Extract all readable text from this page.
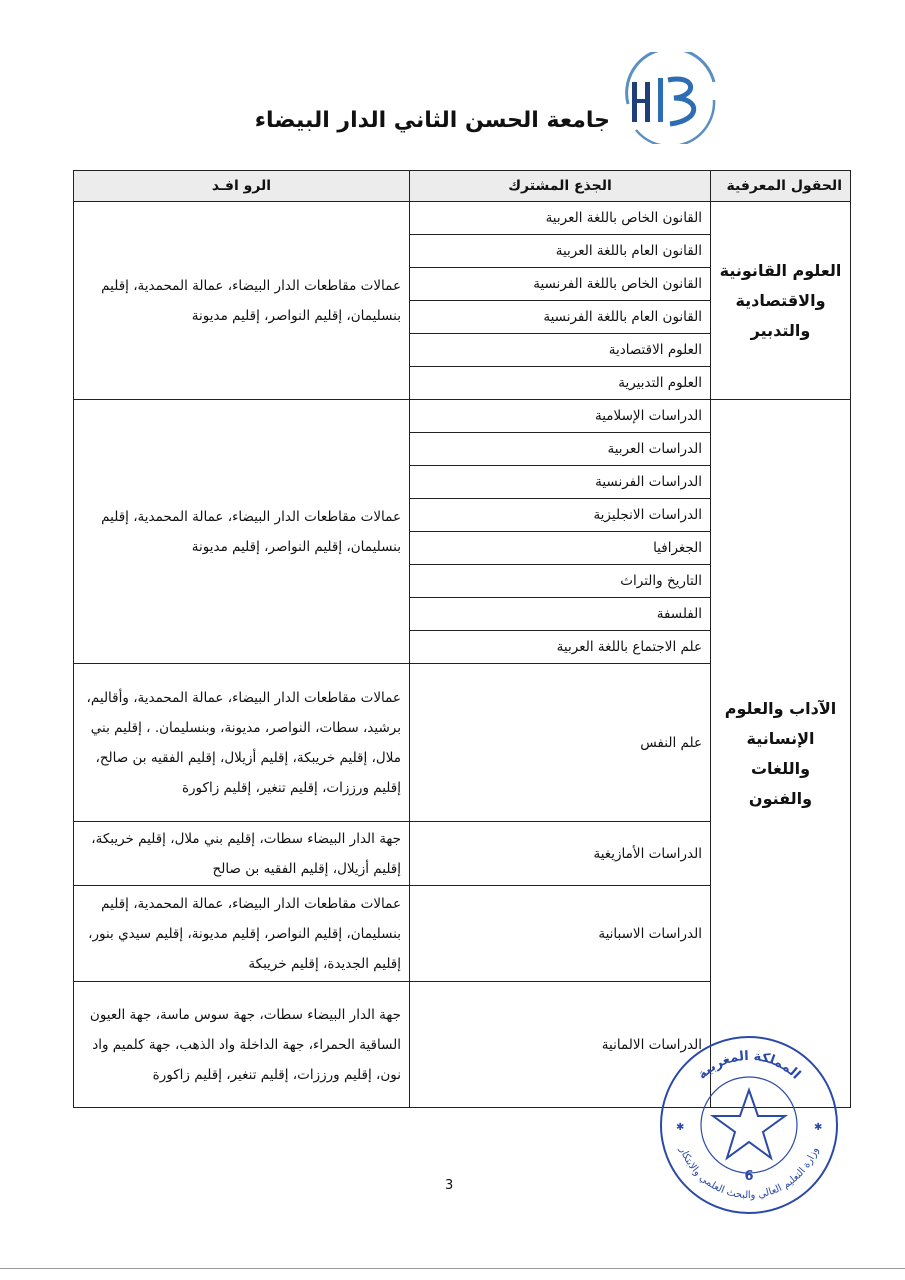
جامعة الحسن الثاني الدار البيضاء
الحقول المعرفية	الجذع المشترك	الرو افـد
العلوم القانونية والاقتصادية والتدبير	القانون الخاص باللغة العربية	عمالات مقاطعات الدار البيضاء، عمالة المحمدية، إقليم بنسليمان، إقليم النواصر، إقليم مديونة
	القانون العام باللغة العربية	
	القانون الخاص باللغة الفرنسية	
	القانون العام باللغة الفرنسية	
	العلوم الاقتصادية	
	العلوم التدبيرية	
الآداب والعلوم الإنسانية واللغات والفنون	الدراسات الإسلامية	عمالات مقاطعات الدار البيضاء، عمالة المحمدية، إقليم بنسليمان، إقليم النواصر، إقليم مديونة
	الدراسات العربية	
	الدراسات الفرنسية	
	الدراسات الانجليزية	
	الجغرافيا	
	التاريخ والتراث	
	الفلسفة	
	علم الاجتماع باللغة العربية	
	علم النفس	عمالات مقاطعات الدار البيضاء، عمالة المحمدية، وأقاليم، برشيد، سطات، النواصر، مديونة، وبنسليمان. ، إقليم بني ملال، إقليم خريبكة، إقليم أزيلال، إقليم الفقيه بن صالح، إقليم ورززات، إقليم تنغير، إقليم زاكورة
	الدراسات الأمازيغية	جهة الدار البيضاء سطات، إقليم بني ملال، إقليم خريبكة، إقليم أزيلال، إقليم الفقيه بن صالح
	الدراسات الاسبانية	عمالات مقاطعات الدار البيضاء، عمالة المحمدية، إقليم بنسليمان، إقليم النواصر، إقليم مديونة، إقليم سيدي بنور، إقليم الجديدة، إقليم خريبكة
	الدراسات الالمانية	جهة الدار البيضاء سطات، جهة سوس ماسة، جهة العيون الساقية الحمراء، جهة الداخلة واد الذهب، جهة كلميم واد نون، إقليم ورززات، إقليم تنغير، إقليم زاكورة	المملكة المغربية
وزارة التعليم العالي والبحث العلمي والابتكار
6
✱	✱
3
